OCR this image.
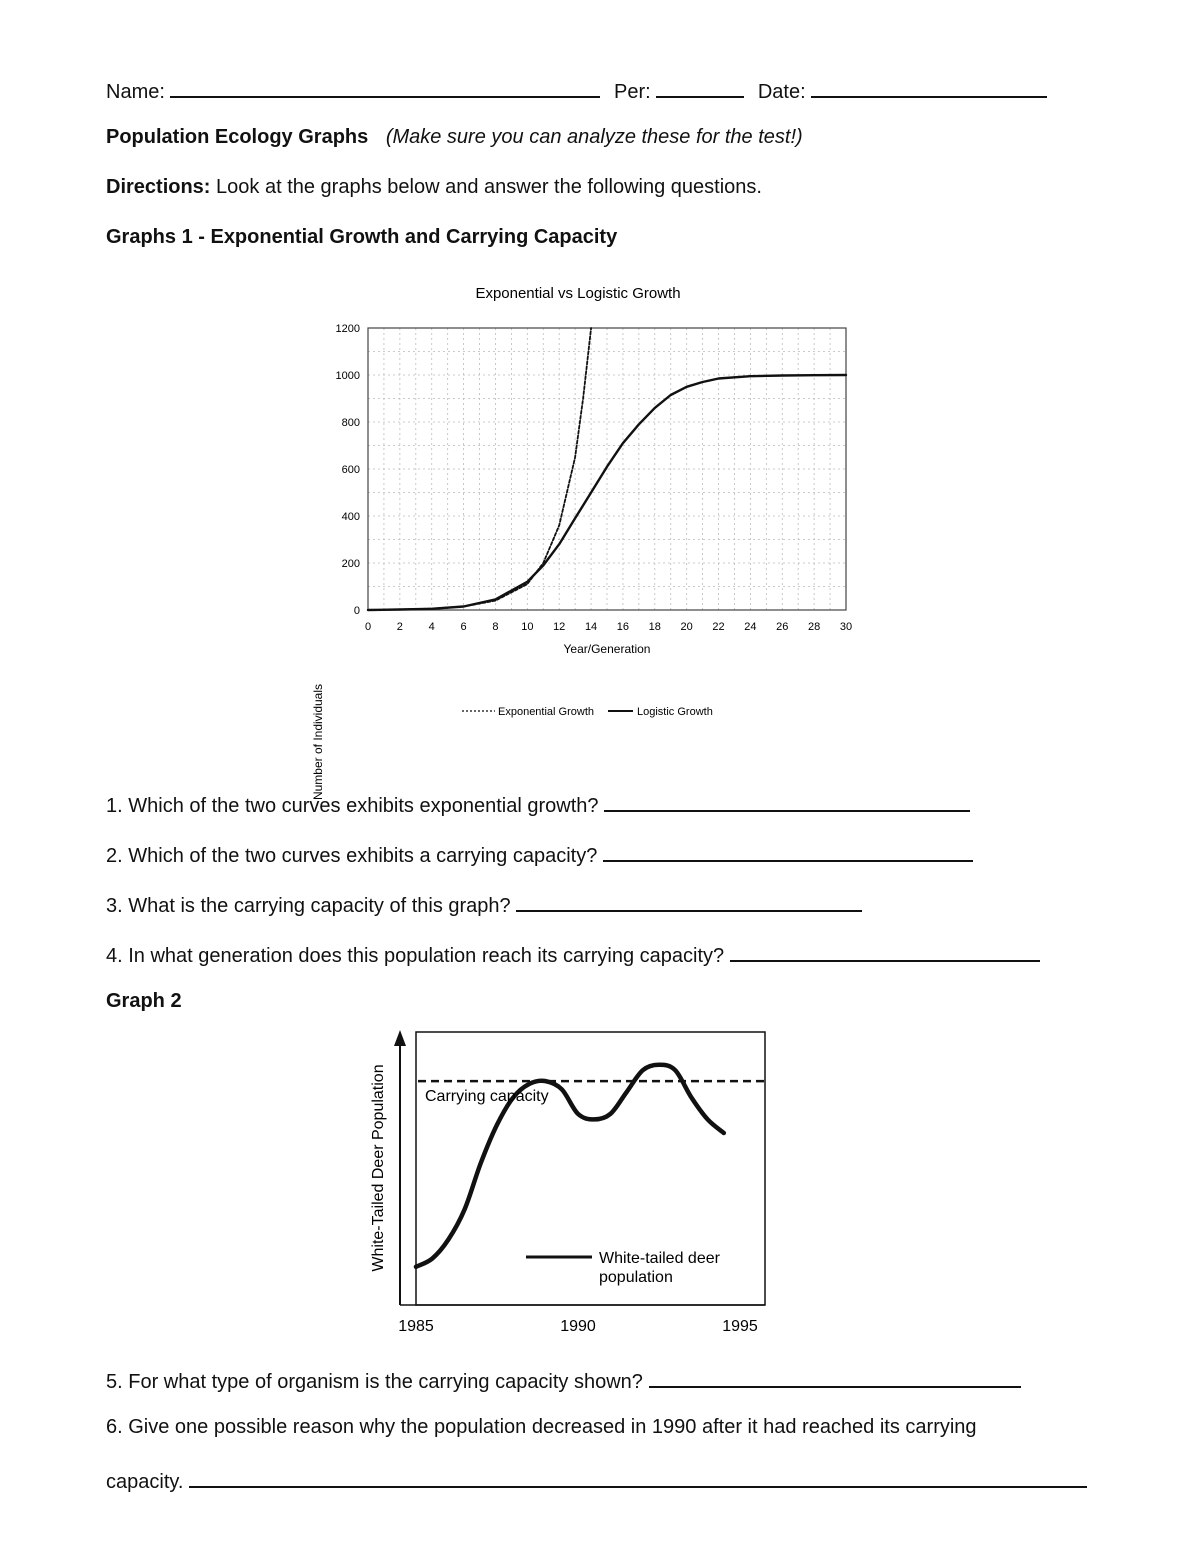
Name:	Per:	Date:
Population Ecology Graphs (Make sure you can analyze these for the test!)
Directions: Look at the graphs below and answer the following questions.
Graphs 1 - Exponential Growth and Carrying Capacity
Exponential vs Logistic Growth
0 2 4 6 8 10 12 14 16 18 20 22 24 26 28 30
0
200
400
600
800
1000
1200
Year/Generation
Number of Individuals	Exponential Growth	Logistic Growth
1. Which of the two curves exhibits exponential growth?
2. Which of the two curves exhibits a carrying capacity?
3. What is the carrying capacity of this graph?
4. In what generation does this population reach its carrying capacity?
Graph 2
1985	1990	1995
White-Tailed Deer Population Carrying capacity
White-tailed deer population
5. For what type of organism is the carrying capacity shown?
6. Give one possible reason why the population decreased in 1990 after it had reached its carrying
capacity.
